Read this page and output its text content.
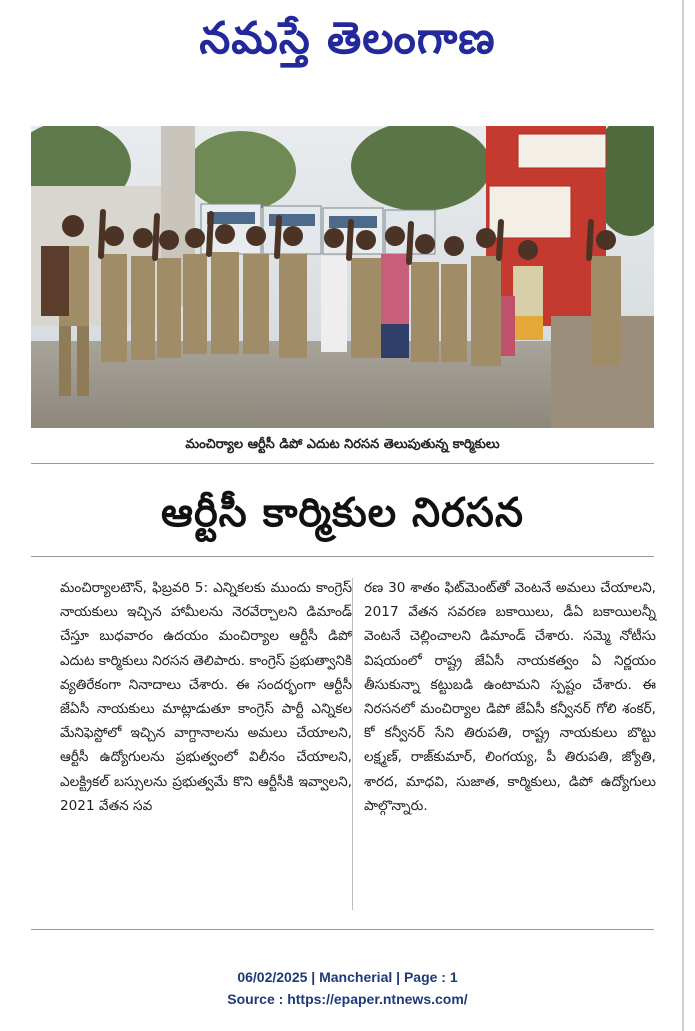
నమస్తే తెలంగాణ
మంచిర్యాల ఆర్టీసీ డిపో ఎదుట నిరసన తెలుపుతున్న కార్మికులు
ఆర్టీసీ కార్మికుల నిరసన
మంచిర్యాలటౌన్, ఫిబ్రవరి 5: ఎన్నికలకు ముందు కాంగ్రెస్ నాయకులు ఇచ్చిన హామీలను నెరవేర్చాలని డిమాండ్ చేస్తూ బుధవారం ఉదయం మంచిర్యాల ఆర్టీసీ డిపో ఎదుట కార్మికులు నిరసన తెలిపారు. కాంగ్రెస్ ప్రభుత్వానికి వ్యతిరేకంగా నినాదాలు చేశారు. ఈ సందర్భంగా ఆర్టీసీ జేఏసీ నాయకులు మాట్లాడుతూ కాంగ్రెస్ పార్టీ ఎన్నికల మేనిఫెస్టోలో ఇచ్చిన వాగ్దానాలను అమలు చేయాలని, ఆర్టీసీ ఉద్యోగులను ప్రభుత్వంలో విలీనం చేయాలని, ఎలక్ట్రికల్ బస్సులను ప్రభుత్వమే కొని ఆర్టీసీకి ఇవ్వాలని, 2021 వేతన సవ
రణ 30 శాతం ఫిట్‌మెంట్‌తో వెంటనే అమలు చేయాలని, 2017 వేతన సవరణ బకాయిలు, డీఏ బకాయిలన్నీ వెంటనే చెల్లించాలని డిమాండ్ చేశారు. సమ్మె నోటీసు విషయంలో రాష్ట్ర జేఏసీ నాయకత్వం ఏ నిర్ణయం తీసుకున్నా కట్టుబడి ఉంటామని స్పష్టం చేశారు. ఈ నిరసనలో మంచిర్యాల డిపో జేఏసీ కన్వీనర్ గోలి శంకర్, కో కన్వీనర్ సేని తిరుపతి, రాష్ట్ర నాయకులు బొట్టు లక్ష్మణ్, రాజ్‌కుమార్, లింగయ్య, పీ తిరుపతి, జ్యోతి, శారద, మాధవి, సుజాత, కార్మికులు, డిపో ఉద్యోగులు పాల్గొన్నారు.
06/02/2025 | Mancherial | Page : 1
Source : https://epaper.ntnews.com/
